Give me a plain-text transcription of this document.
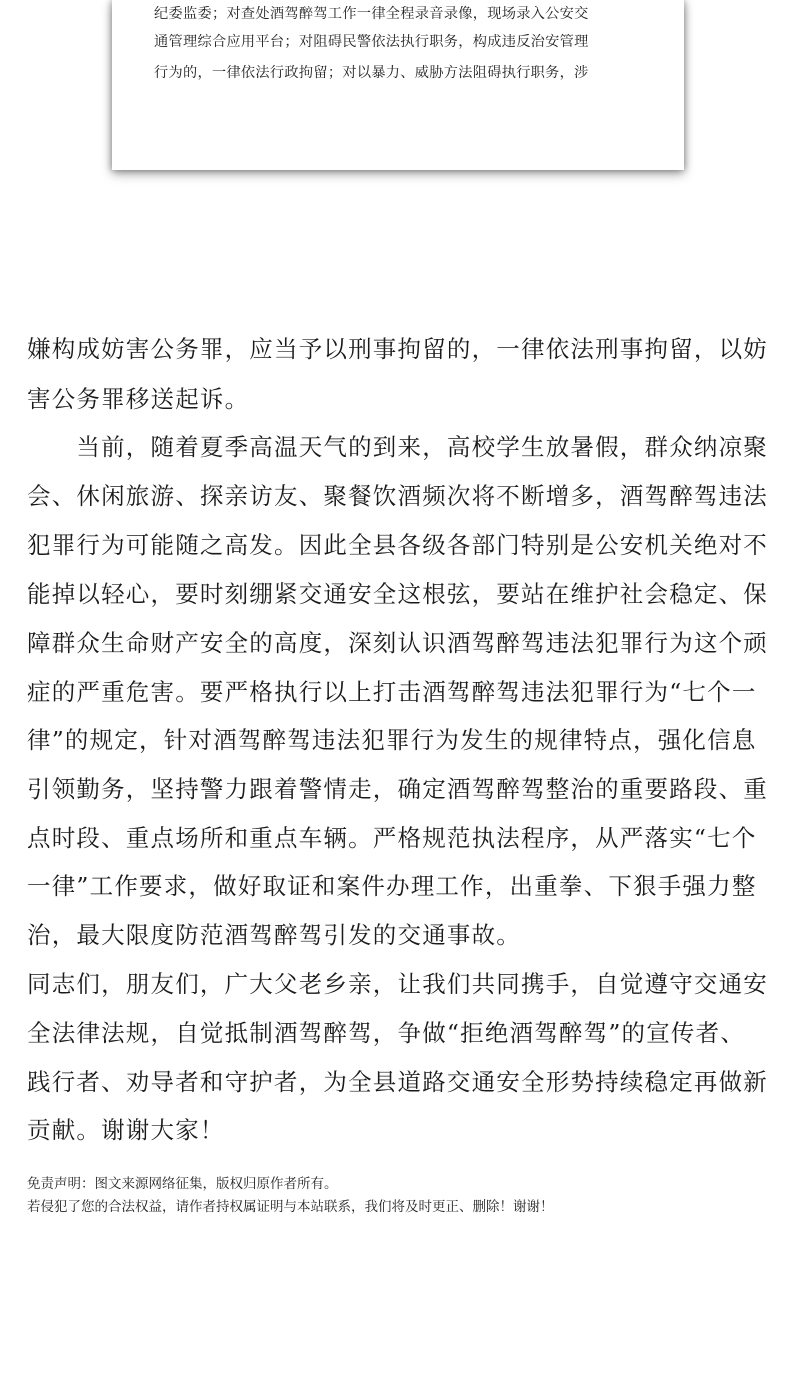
纪委监委；对查处酒驾醉驾工作一律全程录音录像，现场录入公安交
通管理综合应用平台；对阻碍民警依法执行职务，构成违反治安管理
行为的，一律依法行政拘留；对以暴力、威胁方法阻碍执行职务，涉
嫌构成妨害公务罪，应当予以刑事拘留的，一律依法刑事拘留，以妨
害公务罪移送起诉。
　　当前，随着夏季高温天气的到来，高校学生放暑假，群众纳凉聚
会、休闲旅游、探亲访友、聚餐饮酒频次将不断增多，酒驾醉驾违法
犯罪行为可能随之高发。因此全县各级各部门特别是公安机关绝对不
能掉以轻心，要时刻绷紧交通安全这根弦，要站在维护社会稳定、保
障群众生命财产安全的高度，深刻认识酒驾醉驾违法犯罪行为这个顽
症的严重危害。要严格执行以上打击酒驾醉驾违法犯罪行为“七个一
律”的规定，针对酒驾醉驾违法犯罪行为发生的规律特点，强化信息
引领勤务，坚持警力跟着警情走，确定酒驾醉驾整治的重要路段、重
点时段、重点场所和重点车辆。严格规范执法程序，从严落实“七个
一律”工作要求，做好取证和案件办理工作，出重拳、下狠手强力整
治，最大限度防范酒驾醉驾引发的交通事故。
同志们，朋友们，广大父老乡亲，让我们共同携手，自觉遵守交通安
全法律法规，自觉抵制酒驾醉驾，争做“拒绝酒驾醉驾”的宣传者、
践行者、劝导者和守护者，为全县道路交通安全形势持续稳定再做新
贡献。谢谢大家！
免责声明：图文来源网络征集，版权归原作者所有。
若侵犯了您的合法权益，请作者持权属证明与本站联系，我们将及时更正、删除！谢谢！
